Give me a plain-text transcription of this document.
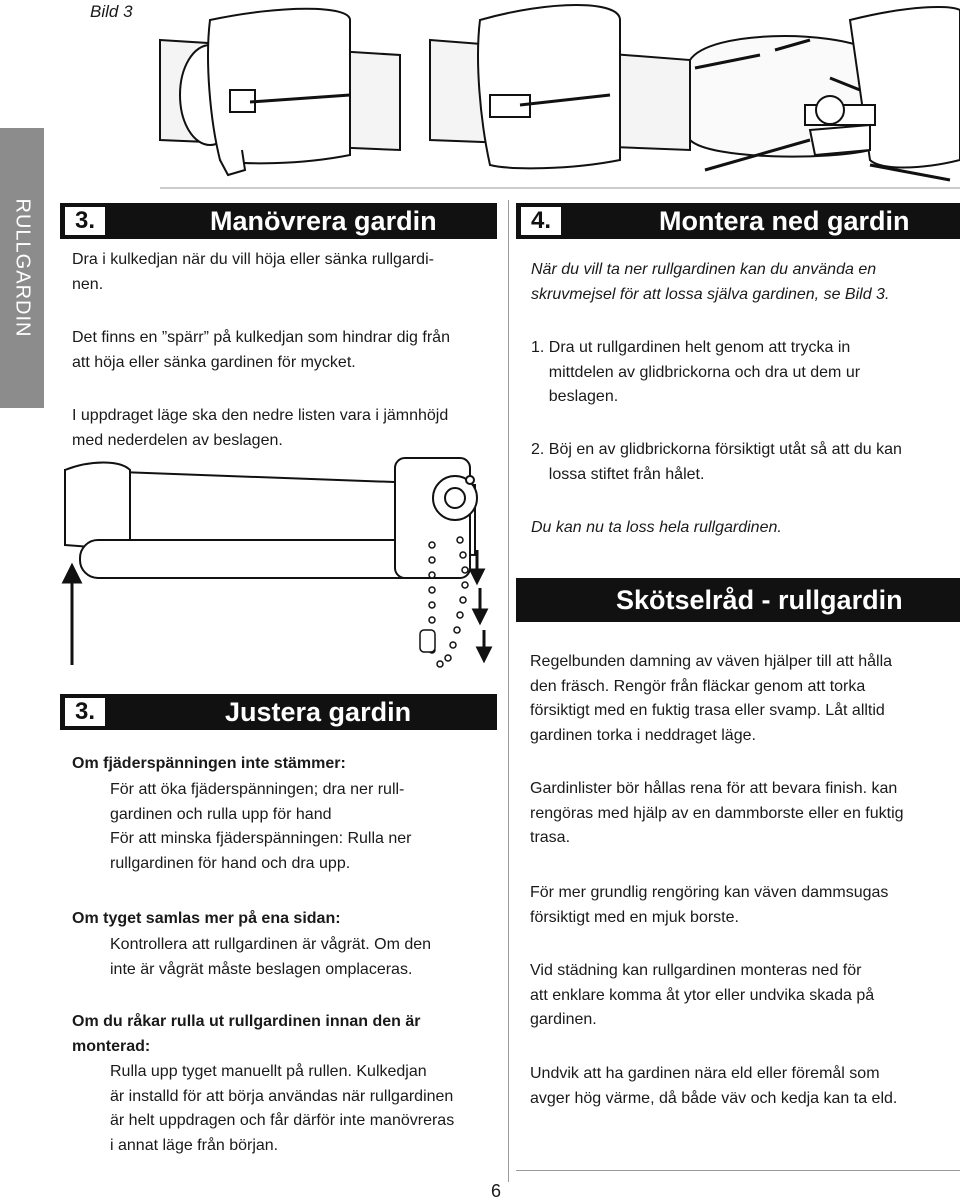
RULLGARDIN
Bild 3
3.	Manövrera gardin
Dra i kulkedjan när du vill höja eller sänka rullgardi-
nen.
Det finns en ”spärr” på kulkedjan som hindrar dig från
att höja eller sänka gardinen för mycket.
I uppdraget läge ska den nedre listen vara i jämnhöjd
med nederdelen av beslagen.
3.	Justera gardin
Om fjäderspänningen inte stämmer:
För att öka fjäderspänningen; dra ner rull-
gardinen och rulla upp för hand
För att minska fjäderspänningen: Rulla ner
rullgardinen för hand och dra upp.
Om tyget samlas mer på ena sidan:
Kontrollera att rullgardinen är vågrät. Om den
inte är vågrät måste beslagen omplaceras.
Om du råkar rulla ut rullgardinen innan den är
monterad:
Rulla upp tyget manuellt på rullen. Kulkedjan
är installd för att börja användas när rullgardinen
är helt uppdragen och får därför inte manövreras
i annat läge från början.
4.	Montera ned gardin
När du vill ta ner rullgardinen kan du använda en
skruvmejsel för att lossa själva gardinen, se Bild 3.
1. Dra ut rullgardinen helt genom att trycka in
mittdelen av glidbrickorna och dra ut dem ur
beslagen.
2. Böj en av glidbrickorna försiktigt utåt så att du kan
lossa stiftet från hålet.
Du kan nu ta loss hela rullgardinen.
Skötselråd - rullgardin
Regelbunden damning av väven hjälper till att hålla
den fräsch. Rengör från fläckar genom att torka
försiktigt med en fuktig trasa eller svamp. Låt alltid
gardinen torka i neddraget läge.
Gardinlister bör hållas rena för att bevara finish. kan
rengöras med hjälp av en dammborste eller en fuktig
trasa.
För mer grundlig rengöring kan väven dammsugas
försiktigt med en mjuk borste.
Vid städning kan rullgardinen monteras ned för
att enklare komma åt ytor eller undvika skada på
gardinen.
Undvik att ha gardinen nära eld eller föremål som
avger hög värme, då både väv och kedja kan ta eld.
6
